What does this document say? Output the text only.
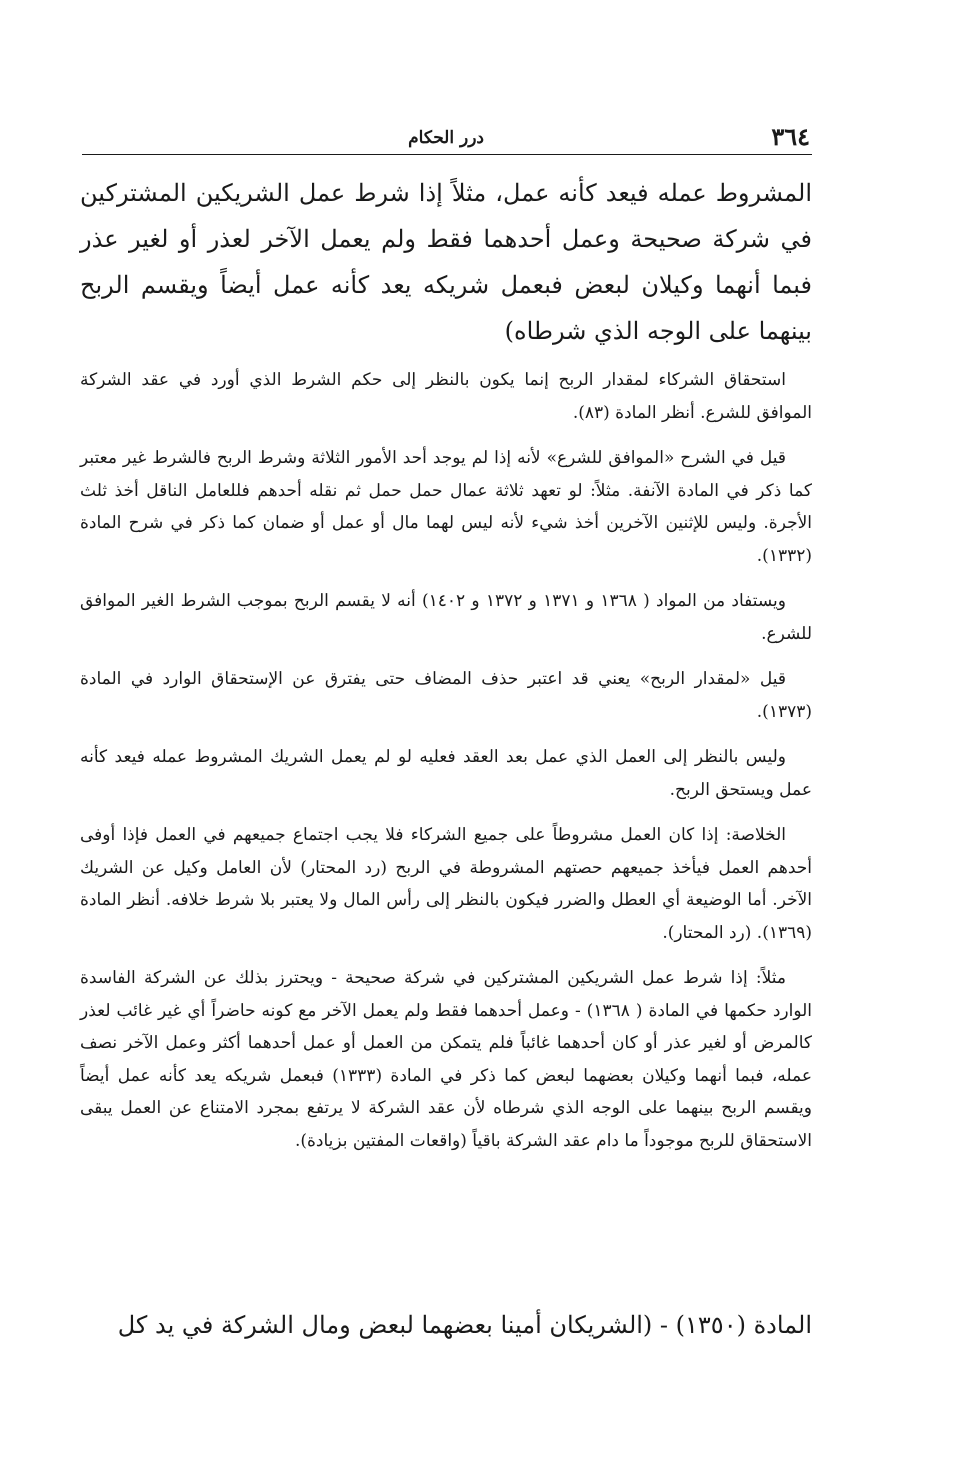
٣٦٤
درر الحكام

المشروط عمله فيعد كأنه عمل، مثلاً إذا شرط عمل الشريكين المشتركين في شركة صحيحة وعمل أحدهما فقط ولم يعمل الآخر لعذر أو لغير عذر فبما أنهما وكيلان لبعض فبعمل شريكه يعد كأنه عمل أيضاً ويقسم الربح بينهما على الوجه الذي شرطاه)

استحقاق الشركاء لمقدار الربح إنما يكون بالنظر إلى حكم الشرط الذي أورد في عقد الشركة الموافق للشرع. أنظر المادة (٨٣).

قيل في الشرح «الموافق للشرع» لأنه إذا لم يوجد أحد الأمور الثلاثة وشرط الربح فالشرط غير معتبر كما ذكر في المادة الآنفة. مثلاً: لو تعهد ثلاثة عمال حمل حمل ثم نقله أحدهم فللعامل الناقل أخذ ثلث الأجرة. وليس للإثنين الآخرين أخذ شيء لأنه ليس لهما مال أو عمل أو ضمان كما ذكر في شرح المادة (١٣٣٢).

ويستفاد من المواد ( ١٣٦٨ و ١٣٧١ و ١٣٧٢ و ١٤٠٢) أنه لا يقسم الربح بموجب الشرط الغير الموافق للشرع.

قيل «لمقدار الربح» يعني قد اعتبر حذف المضاف حتى يفترق عن الإستحقاق الوارد في المادة (١٣٧٣).

وليس بالنظر إلى العمل الذي عمل بعد العقد فعليه لو لم يعمل الشريك المشروط عمله فيعد كأنه عمل ويستحق الربح.

الخلاصة: إذا كان العمل مشروطاً على جميع الشركاء فلا يجب اجتماع جميعهم في العمل فإذا أوفى أحدهم العمل فيأخذ جميعهم حصتهم المشروطة في الربح (رد المحتار) لأن العامل وكيل عن الشريك الآخر. أما الوضيعة أي العطل والضرر فيكون بالنظر إلى رأس المال ولا يعتبر بلا شرط خلافه. أنظر المادة (١٣٦٩). (رد المحتار).

مثلاً: إذا شرط عمل الشريكين المشتركين في شركة صحيحة - ويحترز بذلك عن الشركة الفاسدة الوارد حكمها في المادة ( ١٣٦٨) - وعمل أحدهما فقط ولم يعمل الآخر مع كونه حاضراً أي غير غائب لعذر كالمرض أو لغير عذر أو كان أحدهما غائباً فلم يتمكن من العمل أو عمل أحدهما أكثر وعمل الآخر نصف عمله، فبما أنهما وكيلان بعضهما لبعض كما ذكر في المادة (١٣٣٣) فبعمل شريكه يعد كأنه عمل أيضاً ويقسم الربح بينهما على الوجه الذي شرطاه لأن عقد الشركة لا يرتفع بمجرد الامتناع عن العمل يبقى الاستحقاق للربح موجوداً ما دام عقد الشركة باقياً (واقعات المفتين بزيادة).

المادة (١٣٥٠) - (الشريكان أمينا بعضهما لبعض ومال الشركة في يد كل
